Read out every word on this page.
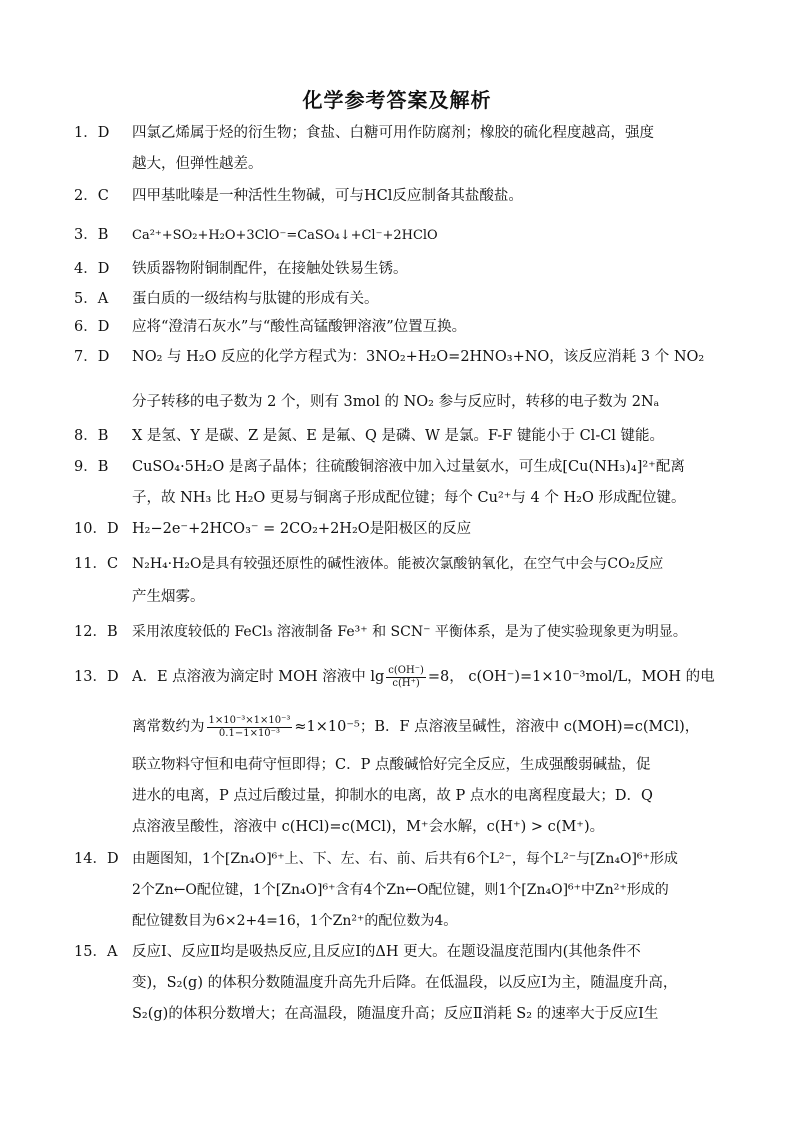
化学参考答案及解析
1．D	四氯乙烯属于烃的衍生物；食盐、白糖可用作防腐剂；橡胶的硫化程度越高，强度
越大，但弹性越差。
2．C	四甲基吡嗪是一种活性生物碱，可与HCl反应制备其盐酸盐。
3．B	Ca²⁺+SO₂+H₂O+3ClO⁻=CaSO₄↓+Cl⁻+2HClO
4．D	铁质器物附铜制配件，在接触处铁易生锈。
5．A	蛋白质的一级结构与肽键的形成有关。
6．D	应将“澄清石灰水”与“酸性高锰酸钾溶液”位置互换。
7．D	NO₂ 与 H₂O 反应的化学方程式为：3NO₂+H₂O=2HNO₃+NO，该反应消耗 3 个 NO₂
分子转移的电子数为 2 个，则有 3mol 的 NO₂ 参与反应时，转移的电子数为 2Nₐ
8．B	X 是氢、Y 是碳、Z 是氮、E 是氟、Q 是磷、W 是氯。F-F 键能小于 Cl-Cl 键能。
9．B	CuSO₄·5H₂O 是离子晶体；往硫酸铜溶液中加入过量氨水，可生成[Cu(NH₃)₄]²⁺配离
子，故 NH₃ 比 H₂O 更易与铜离子形成配位键；每个 Cu²⁺与 4 个 H₂O 形成配位键。
10．D H₂−2e⁻+2HCO₃⁻ = 2CO₂+2H₂O是阳极区的反应
11．C N₂H₄·H₂O是具有较强还原性的碱性液体。能被次氯酸钠氧化，在空气中会与CO₂反应
产生烟雾。
12．B	采用浓度较低的 FeCl₃ 溶液制备 Fe³⁺ 和 SCN⁻ 平衡体系，是为了使实验现象更为明显。
13．D A．E 点溶液为滴定时 MOH 溶液中 $\lg \frac{c(OH^-)}{c(H^+)} =8$， c(OH⁻)=1×10⁻³mol/L，MOH 的电
离常数约为 $\frac{\text{1×10⁻³×1×10⁻³}}{\text{0.1−1×10⁻³}} \approx 1\times 10^{-5}$；B．F 点溶液呈碱性，溶液中 c(MOH)=c(MCl)，
联立物料守恒和电荷守恒即得；C．P 点酸碱恰好完全反应，生成强酸弱碱盐，促
进水的电离，P 点过后酸过量，抑制水的电离，故 P 点水的电离程度最大；D．Q
点溶液呈酸性，溶液中 c(HCl)=c(MCl)，M⁺会水解，c(H⁺) > c(M⁺)。
14．D 由题图知，1个[Zn₄O]⁶⁺上、下、左、右、前、后共有6个L²⁻，每个L²⁻与[Zn₄O]⁶⁺形成
2个Zn←O配位键，1个[Zn₄O]⁶⁺含有4个Zn←O配位键，则1个[Zn₄O]⁶⁺中Zn²⁺形成的
配位键数目为6×2+4=16，1个Zn²⁺的配位数为4。
15．A	反应Ⅰ、反应Ⅱ均是吸热反应,且反应Ⅰ的ΔH 更大。在题设温度范围内(其他条件不
变)，S₂(g) 的体积分数随温度升高先升后降。在低温段，以反应Ⅰ为主，随温度升高，
S₂(g)的体积分数增大；在高温段，随温度升高；反应Ⅱ消耗 S₂ 的速率大于反应Ⅰ生
